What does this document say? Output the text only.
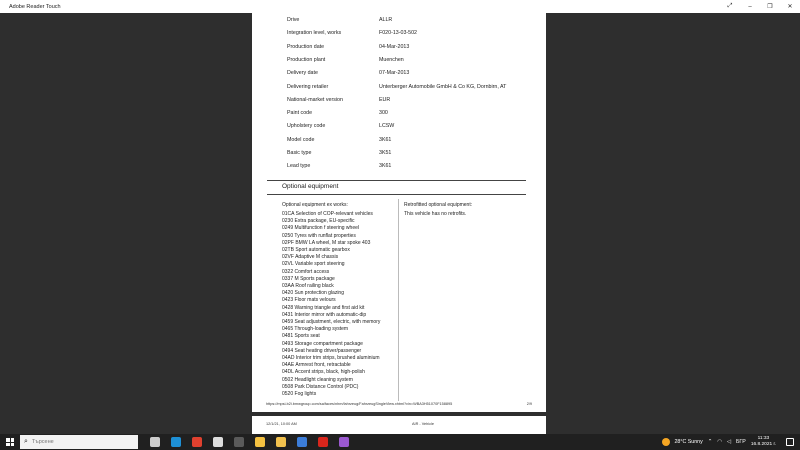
Adobe Reader Touch	⤢	–	❐	✕
Drive	ALLR
Integration level, works	F020-13-03-502
Production date	04-Mar-2013
Production plant	Muenchen
Delivery date	07-Mar-2013
Delivering retailer	Unterberger Automobile GmbH & Co KG, Dornbirn, AT
National-market version	EUR
Paint code	300
Upholstery code	LCSW
Model code	3K61
Basic type	3K51
Lead type	3K61
Optional equipment
Optional equipment ex works:	Retrofitted optional equipment:
01CA Selection of COP-relevant vehicles
0230 Extra package, EU-specific
0249 Multifunction f steering wheel
0250 Tyres with runflat properties
02PF BMW LA wheel, M star spoke 403
02TB Sport automatic gearbox
02VF Adaptive M chassis
02VL Variable sport steering
0322 Comfort access
0337 M Sports package
03AA Roof railing black
0420 Sun protection glazing
0423 Floor mats velours
0428 Warning triangle and first aid kit
0431 Interior mirror with automatic-dip
0459 Seat adjustment, electric, with memory
0465 Through-loading system
0481 Sports seat
0493 Storage compartment package
0494 Seat heating driver/passenger
04AD Interior trim strips, brushed aluminium
04AE Armrest front, retractable
04DL Accent strips, black, high-polish
0502 Headlight cleaning system
0508 Park Distance Control (PDC)
0520 Fog lights
This vehicle has no retrofits.
https://mpsi-b2i.bmwgroup.com/sa/faces/nhm/fahrzeug/FahrzeugSingleView.xhtml?vin=WBA3H51070F158895	2/9
12/1/21, 10:00 AM	AIR - Vehicle
⌕
Търсене	28°C Sunny ⌃ ◠ ◁ БГР
11:33
16.8.2021 г.
